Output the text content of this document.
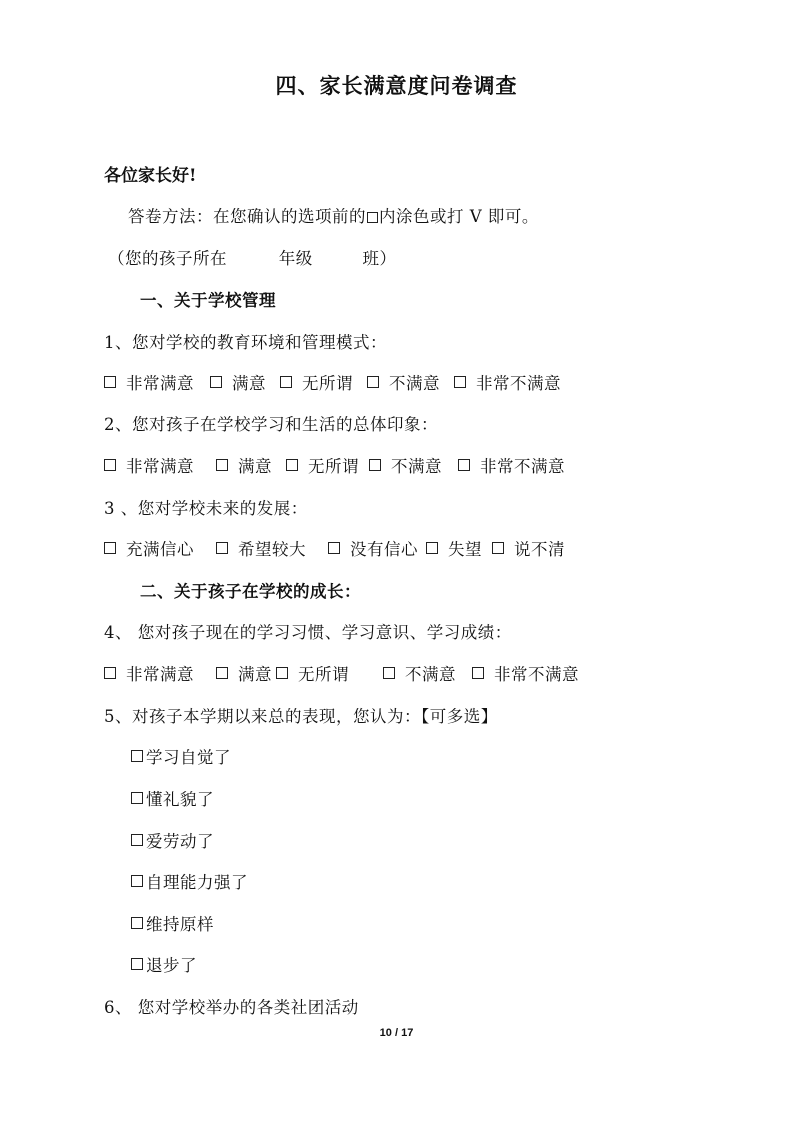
四、家长满意度问卷调查
各位家长好!
答卷方法：在您确认的选项前的 内涂色或打 V 即可。
（您的孩子所在	年级	班）
一、关于学校管理
1、您对学校的教育环境和管理模式：
非常满意 满意 无所谓 不满意 非常不满意
2、您对孩子在学校学习和生活的总体印象：
非常满意	满意 无所谓 不满意 非常不满意
3 、您对学校未来的发展：
充满信心	希望较大	没有信心 失望 说不清
二、关于孩子在学校的成长：
4、 您对孩子现在的学习习惯、学习意识、学习成绩：
非常满意	满意 无所谓	不满意 非常不满意
5、对孩子本学期以来总的表现，您认为：【可多选】
学习自觉了
懂礼貌了
爱劳动了
自理能力强了
维持原样
退步了
6、 您对学校举办的各类社团活动
10 / 17
